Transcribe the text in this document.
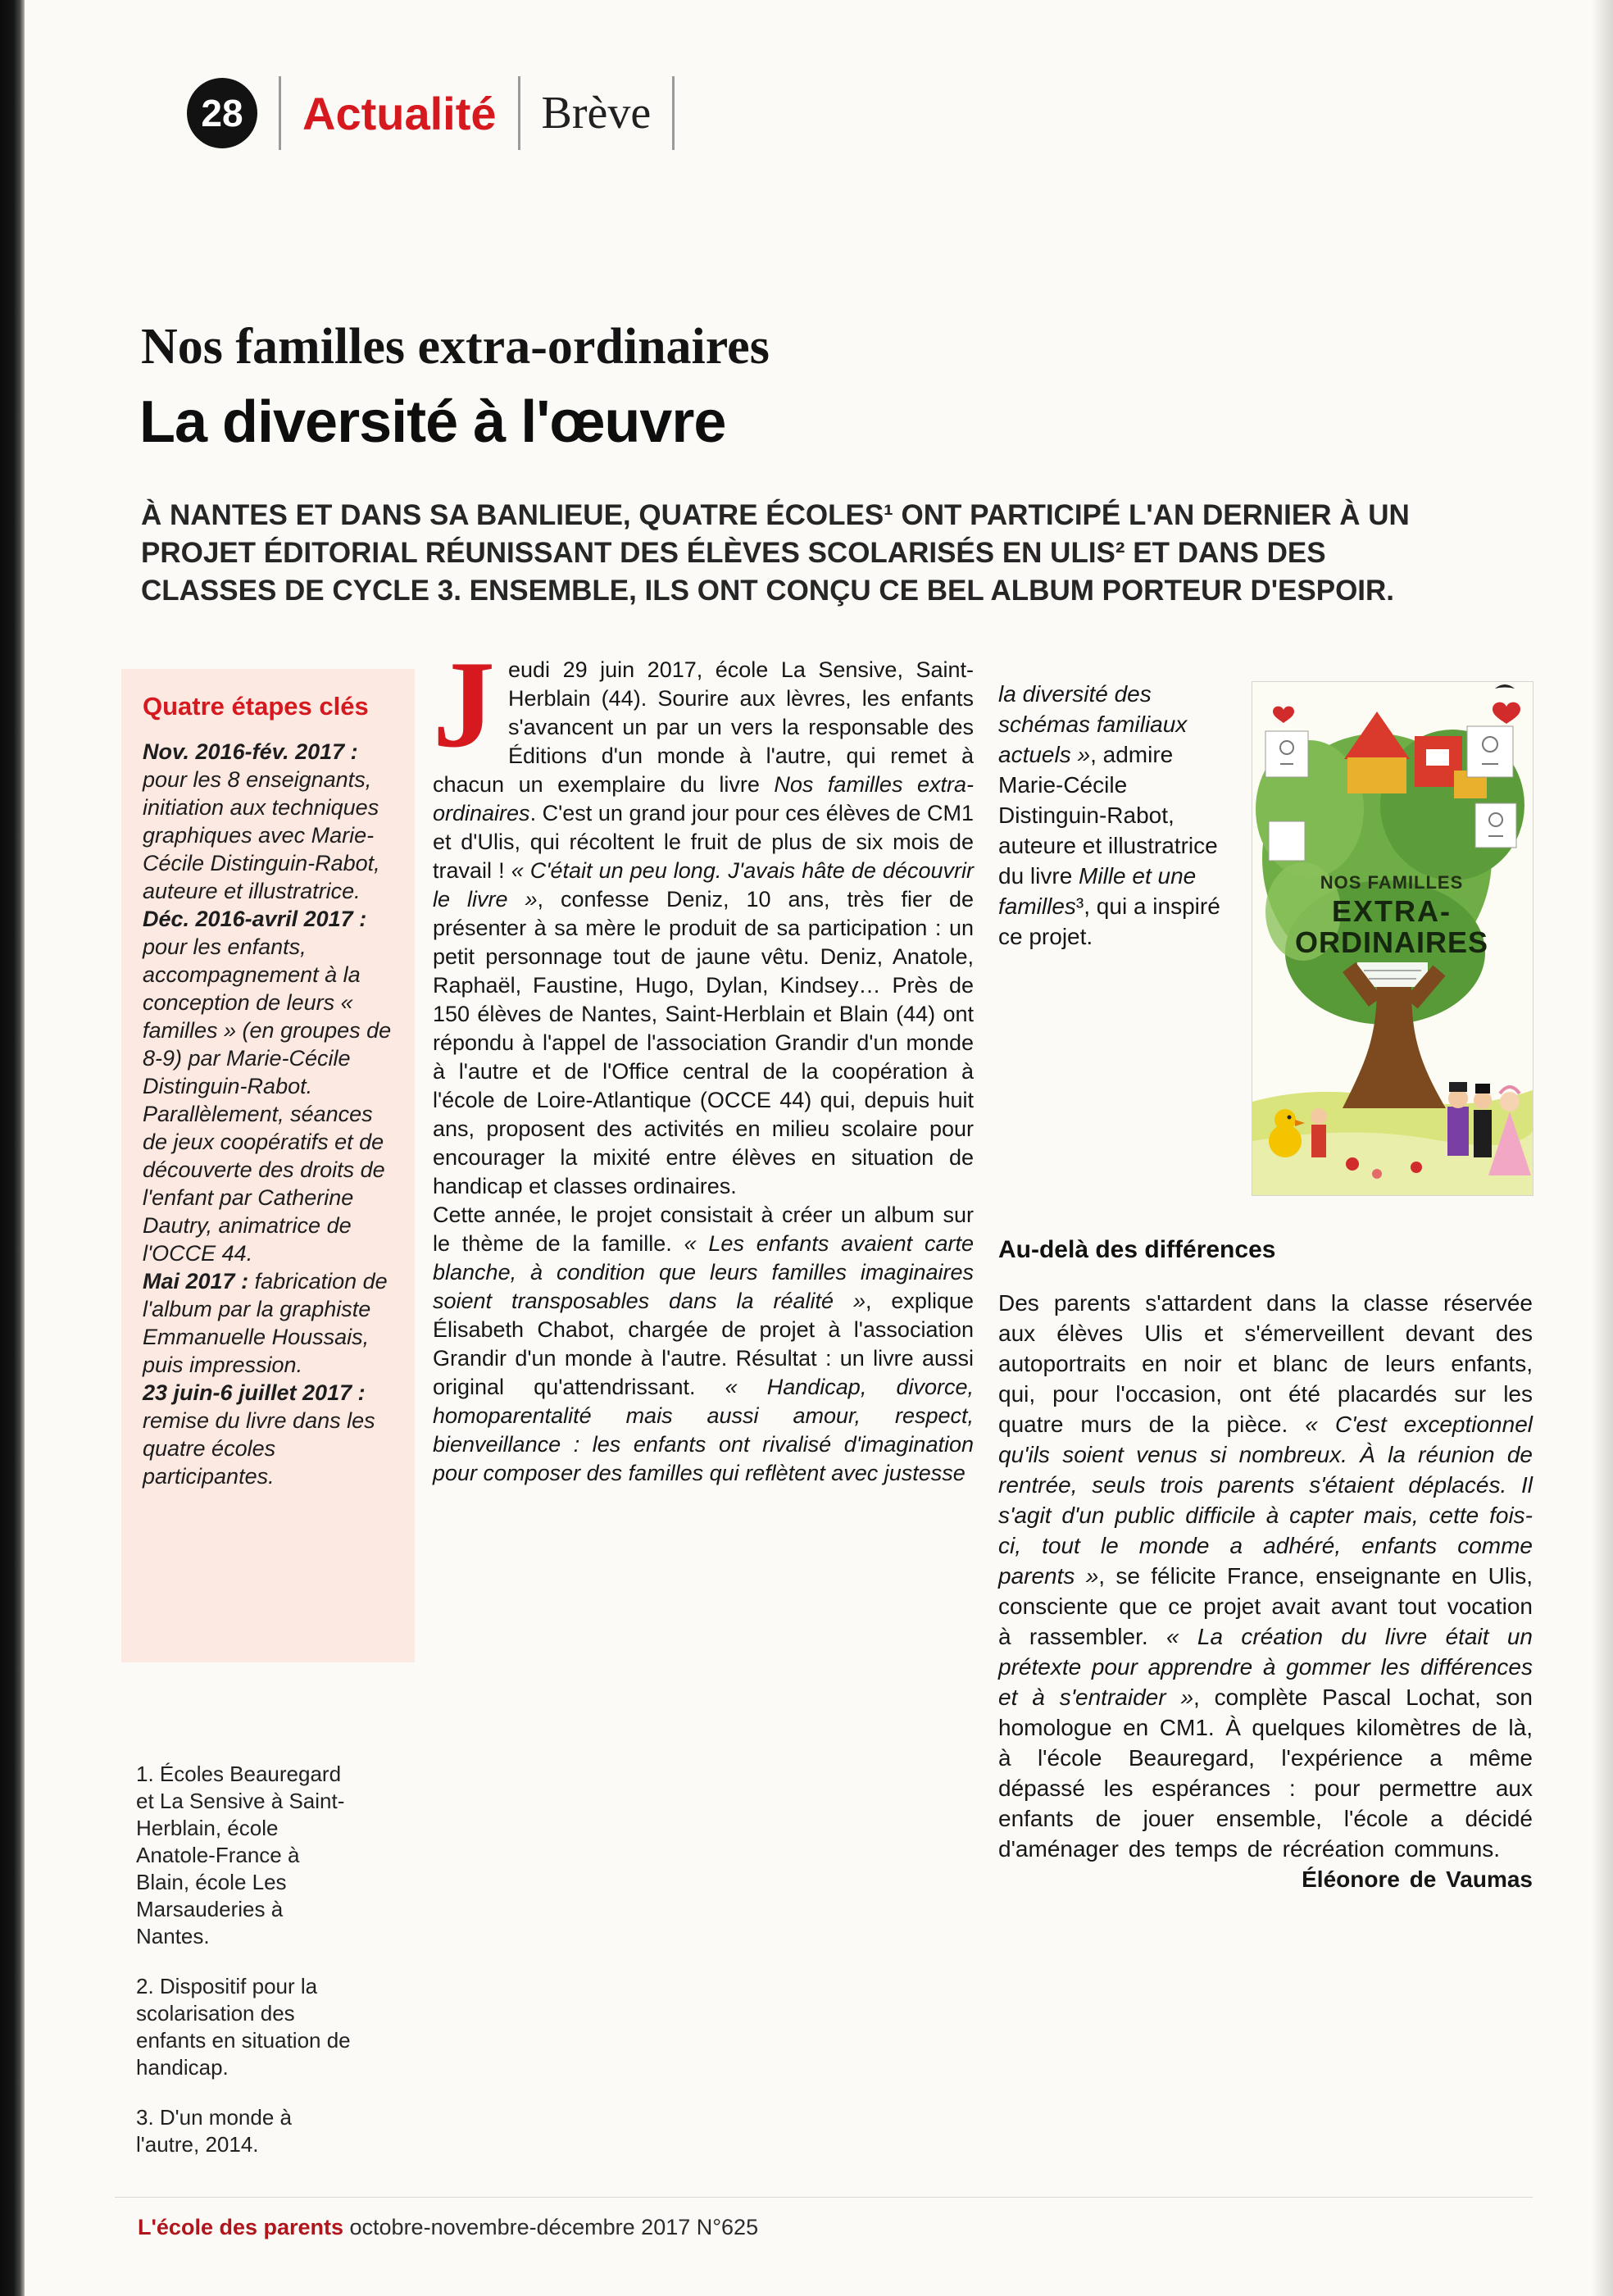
28	Actualité Brève
Nos familles extra-ordinaires
La diversité à l'œuvre
À NANTES ET DANS SA BANLIEUE, QUATRE ÉCOLES¹ ONT PARTICIPÉ L'AN DERNIER À UN PROJET ÉDITORIAL RÉUNISSANT DES ÉLÈVES SCOLARISÉS EN ULIS² ET DANS DES CLASSES DE CYCLE 3. ENSEMBLE, ILS ONT CONÇU CE BEL ALBUM PORTEUR D'ESPOIR.
Quatre étapes clés

Nov. 2016-fév. 2017 : pour les 8 enseignants, initiation aux techniques graphiques avec Marie-Cécile Distinguin-Rabot, auteure et illustratrice.

Déc. 2016-avril 2017 : pour les enfants, accompagnement à la conception de leurs « familles » (en groupes de 8-9) par Marie-Cécile Distinguin-Rabot. Parallèlement, séances de jeux coopératifs et de découverte des droits de l'enfant par Catherine Dautry, animatrice de l'OCCE 44.

Mai 2017 : fabrication de l'album par la graphiste Emmanuelle Houssais, puis impression.

23 juin-6 juillet 2017 : remise du livre dans les quatre écoles participantes.

1. Écoles Beauregard et La Sensive à Saint-Herblain, école Anatole-France à Blain, école Les Marsauderies à Nantes.

2. Dispositif pour la scolarisation des enfants en situation de handicap.

3. D'un monde à l'autre, 2014.

Jeudi 29 juin 2017, école La Sensive, Saint-Herblain (44). Sourire aux lèvres, les enfants s'avancent un par un vers la responsable des Éditions d'un monde à l'autre, qui remet à chacun un exemplaire du livre Nos familles extra-ordinaires. C'est un grand jour pour ces élèves de CM1 et d'Ulis, qui récoltent le fruit de plus de six mois de travail ! « C'était un peu long. J'avais hâte de découvrir le livre », confesse Deniz, 10 ans, très fier de présenter à sa mère le produit de sa participation : un petit personnage tout de jaune vêtu. Deniz, Anatole, Raphaël, Faustine, Hugo, Dylan, Kindsey… Près de 150 élèves de Nantes, Saint-Herblain et Blain (44) ont répondu à l'appel de l'association Grandir d'un monde à l'autre et de l'Office central de la coopération à l'école de Loire-Atlantique (OCCE 44) qui, depuis huit ans, proposent des activités en milieu scolaire pour encourager la mixité entre élèves en situation de handicap et classes ordinaires.

Cette année, le projet consistait à créer un album sur le thème de la famille. « Les enfants avaient carte blanche, à condition que leurs familles imaginaires soient transposables dans la réalité », explique Élisabeth Chabot, chargée de projet à l'association Grandir d'un monde à l'autre. Résultat : un livre aussi original qu'attendrissant. « Handicap, divorce, homoparentalité mais aussi amour, respect, bienveillance : les enfants ont rivalisé d'imagination pour composer des familles qui reflètent avec justesse

la diversité des schémas familiaux actuels », admire Marie-Cécile Distinguin-Rabot, auteure et illustratrice du livre Mille et une familles³, qui a inspiré ce projet.

NOS FAMILLES
EXTRA-
ORDINAIRES
Au-delà des différences

Des parents s'attardent dans la classe réservée aux élèves Ulis et s'émerveillent devant des autoportraits en noir et blanc de leurs enfants, qui, pour l'occasion, ont été placardés sur les quatre murs de la pièce. « C'est exceptionnel qu'ils soient venus si nombreux. À la réunion de rentrée, seuls trois parents s'étaient déplacés. Il s'agit d'un public difficile à capter mais, cette fois-ci, tout le monde a adhéré, enfants comme parents », se félicite France, enseignante en Ulis, consciente que ce projet avait avant tout vocation à rassembler. « La création du livre était un prétexte pour apprendre à gommer les différences et à s'entraider », complète Pascal Lochat, son homologue en CM1. À quelques kilomètres de là, à l'école Beauregard, l'expérience a même dépassé les espérances : pour permettre aux enfants de jouer ensemble, l'école a décidé d'aménager des temps de récréation communs.
Éléonore de Vaumas

L'école des parents octobre-novembre-décembre 2017 N°625
